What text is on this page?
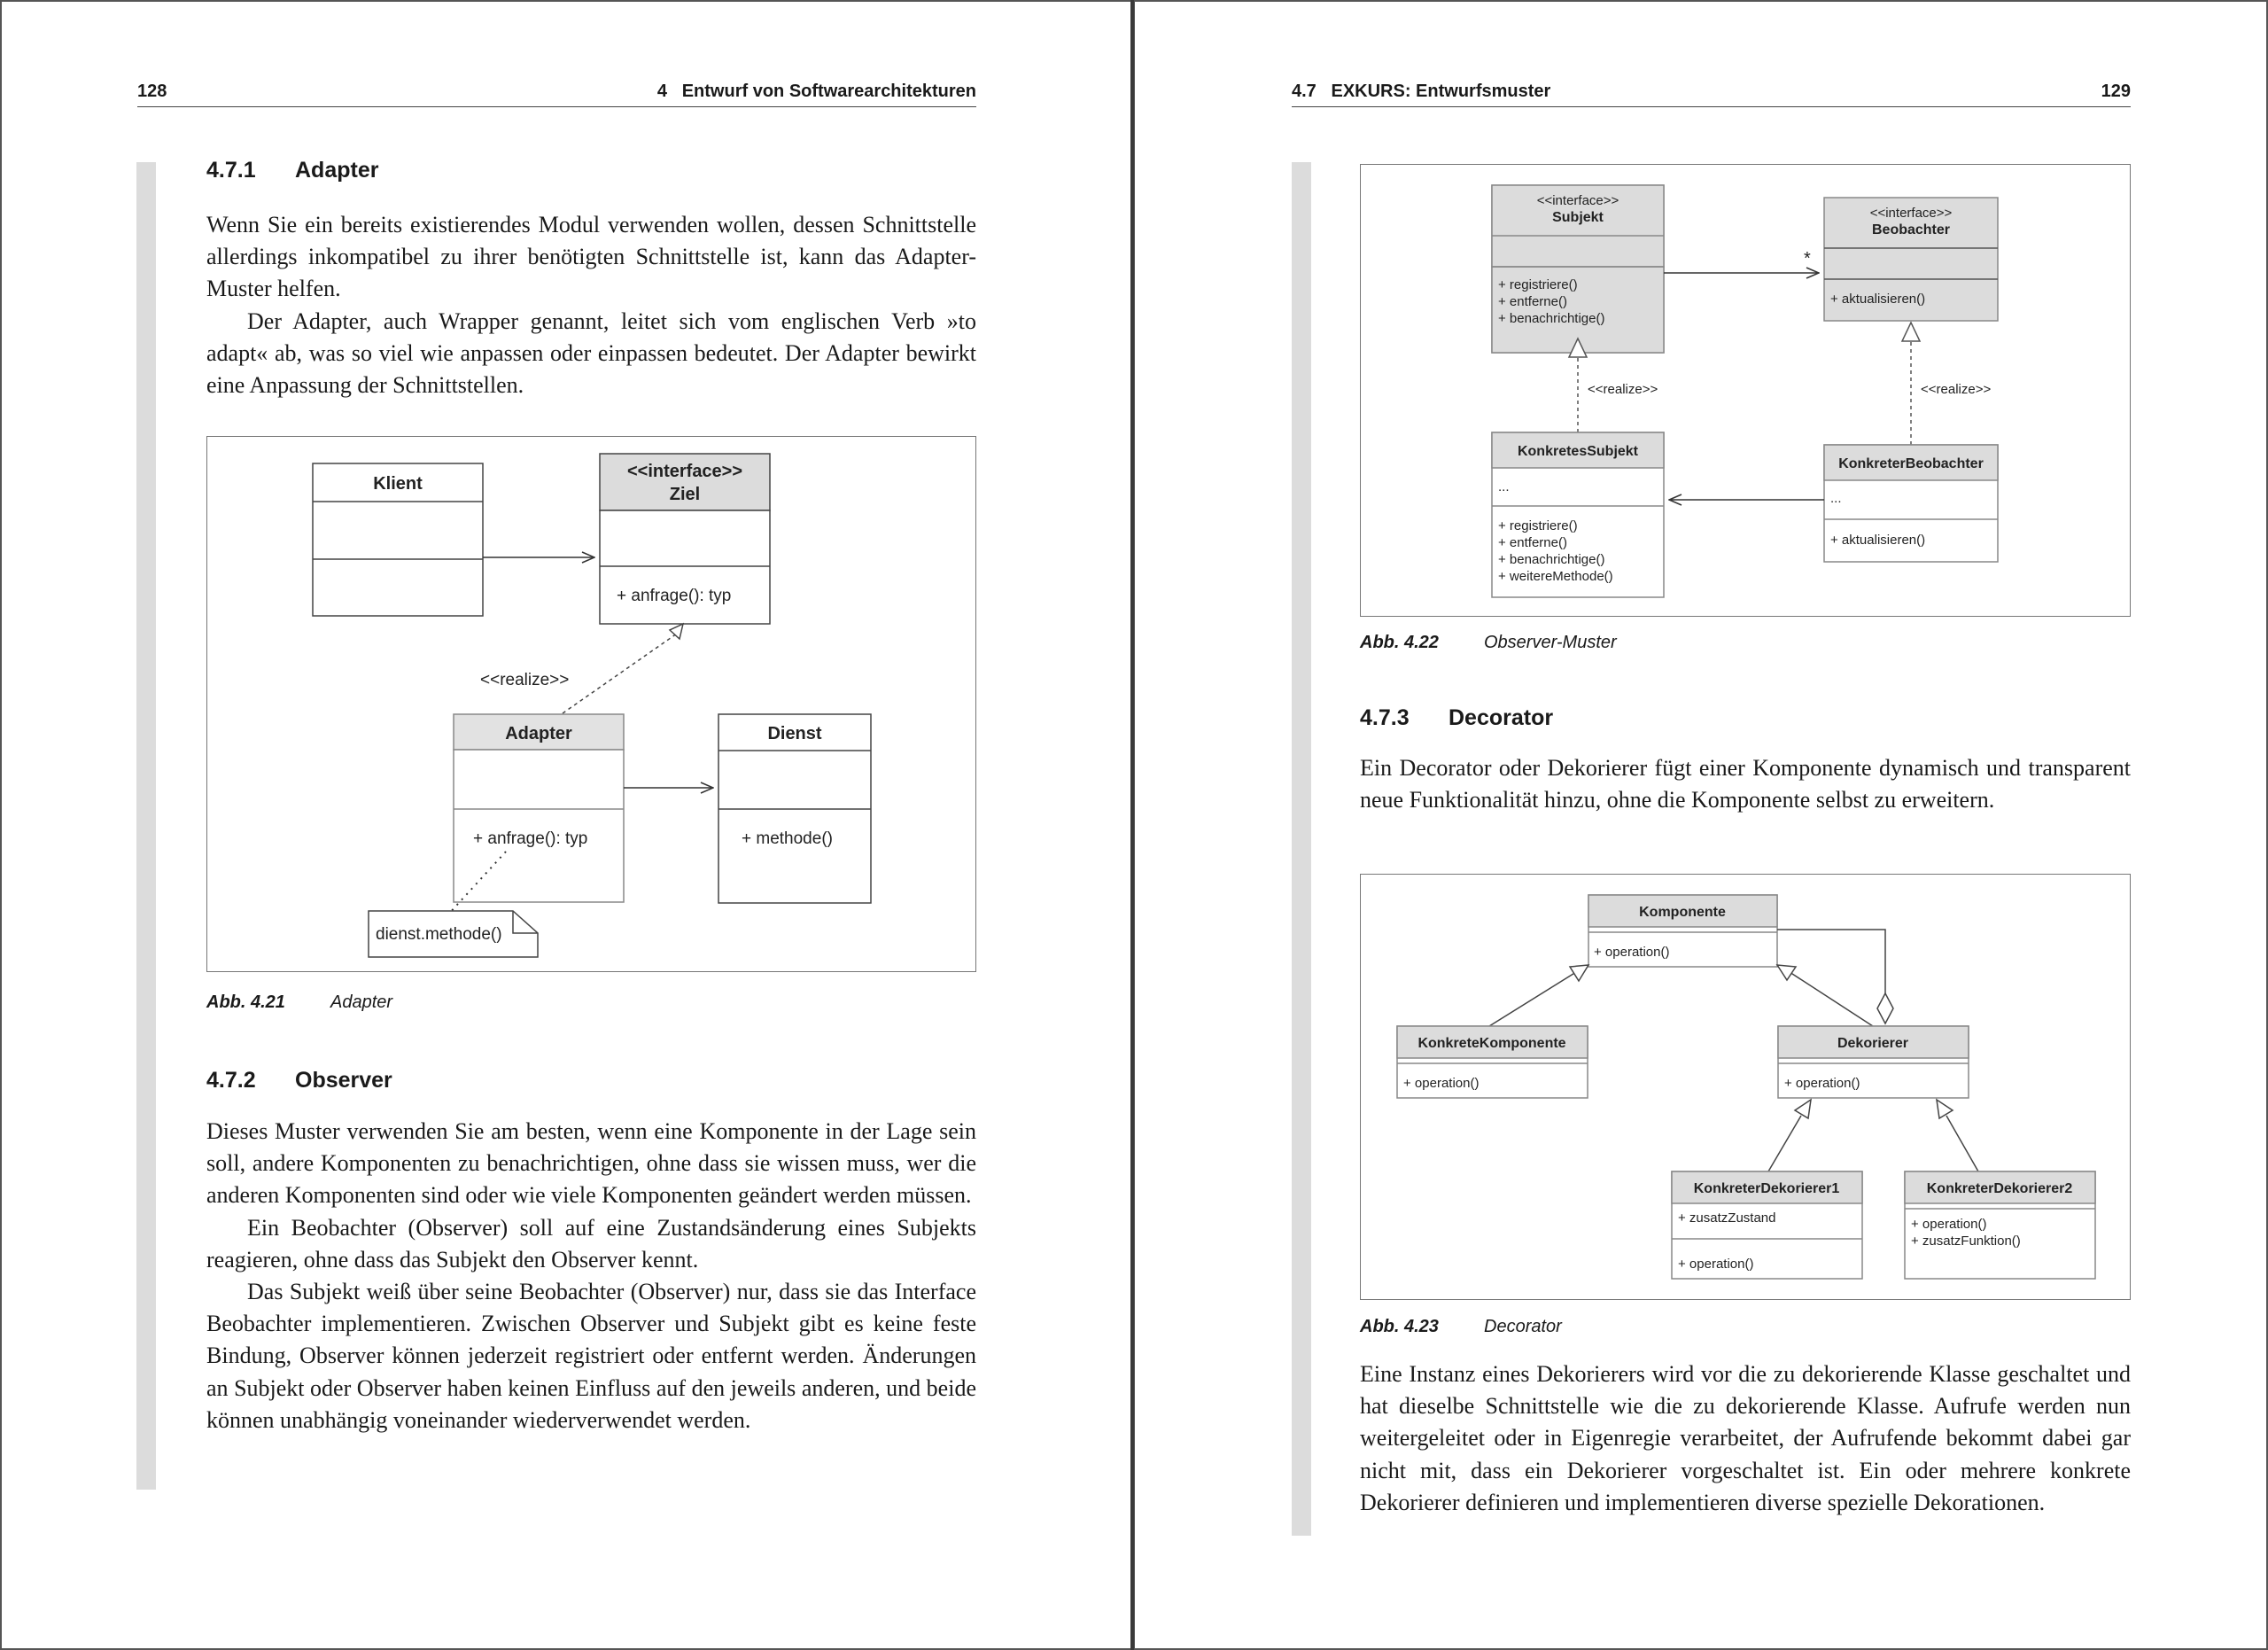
128	4   Entwurf von Softwarearchitekturen
4.7.1 Adapter

Wenn Sie ein bereits existierendes Modul verwenden wollen, dessen Schnittstelle allerdings inkompatibel zu ihrer benötigten Schnittstelle ist, kann das Adapter-Muster helfen.

Der Adapter, auch Wrapper genannt, leitet sich vom englischen Verb »to adapt« ab, was so viel wie anpassen oder einpassen bedeutet. Der Adapter bewirkt eine Anpassung der Schnittstellen.

Klient
<<interface>>
Ziel
+ anfrage(): typ
<<realize>>
Adapter
+ anfrage(): typ
Dienst
+ methode()
dienst.methode()
Abb. 4.21	Adapter
4.7.2 Observer

Dieses Muster verwenden Sie am besten, wenn eine Komponente in der Lage sein soll, andere Komponenten zu benachrichtigen, ohne dass sie wissen muss, wer die anderen Komponenten sind oder wie viele Komponenten geändert werden müssen.

Ein Beobachter (Observer) soll auf eine Zustandsänderung eines Subjekts reagieren, ohne dass das Subjekt den Observer kennt.

Das Subjekt weiß über seine Beobachter (Observer) nur, dass sie das Interface Beobachter implementieren. Zwischen Observer und Subjekt gibt es keine feste Bindung, Observer können jederzeit registriert oder entfernt werden. Änderungen an Subjekt oder Observer haben keinen Einfluss auf den jeweils anderen, und beide können unabhängig voneinander wiederverwendet werden.

4.7   EXKURS: Entwurfsmuster	129
<<interface>>
Subjekt
+ registriere()
+ entferne()
+ benachrichtige()
<<interface>>
Beobachter
+ aktualisieren()
*
<<realize>>	<<realize>>
KonkretesSubjekt
...
+ registriere()
+ entferne()
+ benachrichtige()
+ weitereMethode()
KonkreterBeobachter
...
+ aktualisieren()
Abb. 4.22	Observer-Muster
4.7.3 Decorator

Ein Decorator oder Dekorierer fügt einer Komponente dynamisch und transparent neue Funktionalität hinzu, ohne die Komponente selbst zu erweitern.

Komponente
+ operation()
KonkreteKomponente
+ operation()
Dekorierer
+ operation()
KonkreterDekorierer1
+ zusatzZustand
+ operation()
KonkreterDekorierer2
+ operation()
+ zusatzFunktion()
Abb. 4.23	Decorator

Eine Instanz eines Dekorierers wird vor die zu dekorierende Klasse geschaltet und hat dieselbe Schnittstelle wie die zu dekorierende Klasse. Aufrufe werden nun weitergeleitet oder in Eigenregie verarbeitet, der Aufrufende bekommt dabei gar nicht mit, dass ein Dekorierer vorgeschaltet ist. Ein oder mehrere konkrete Dekorierer definieren und implementieren diverse spezielle Dekorationen.
